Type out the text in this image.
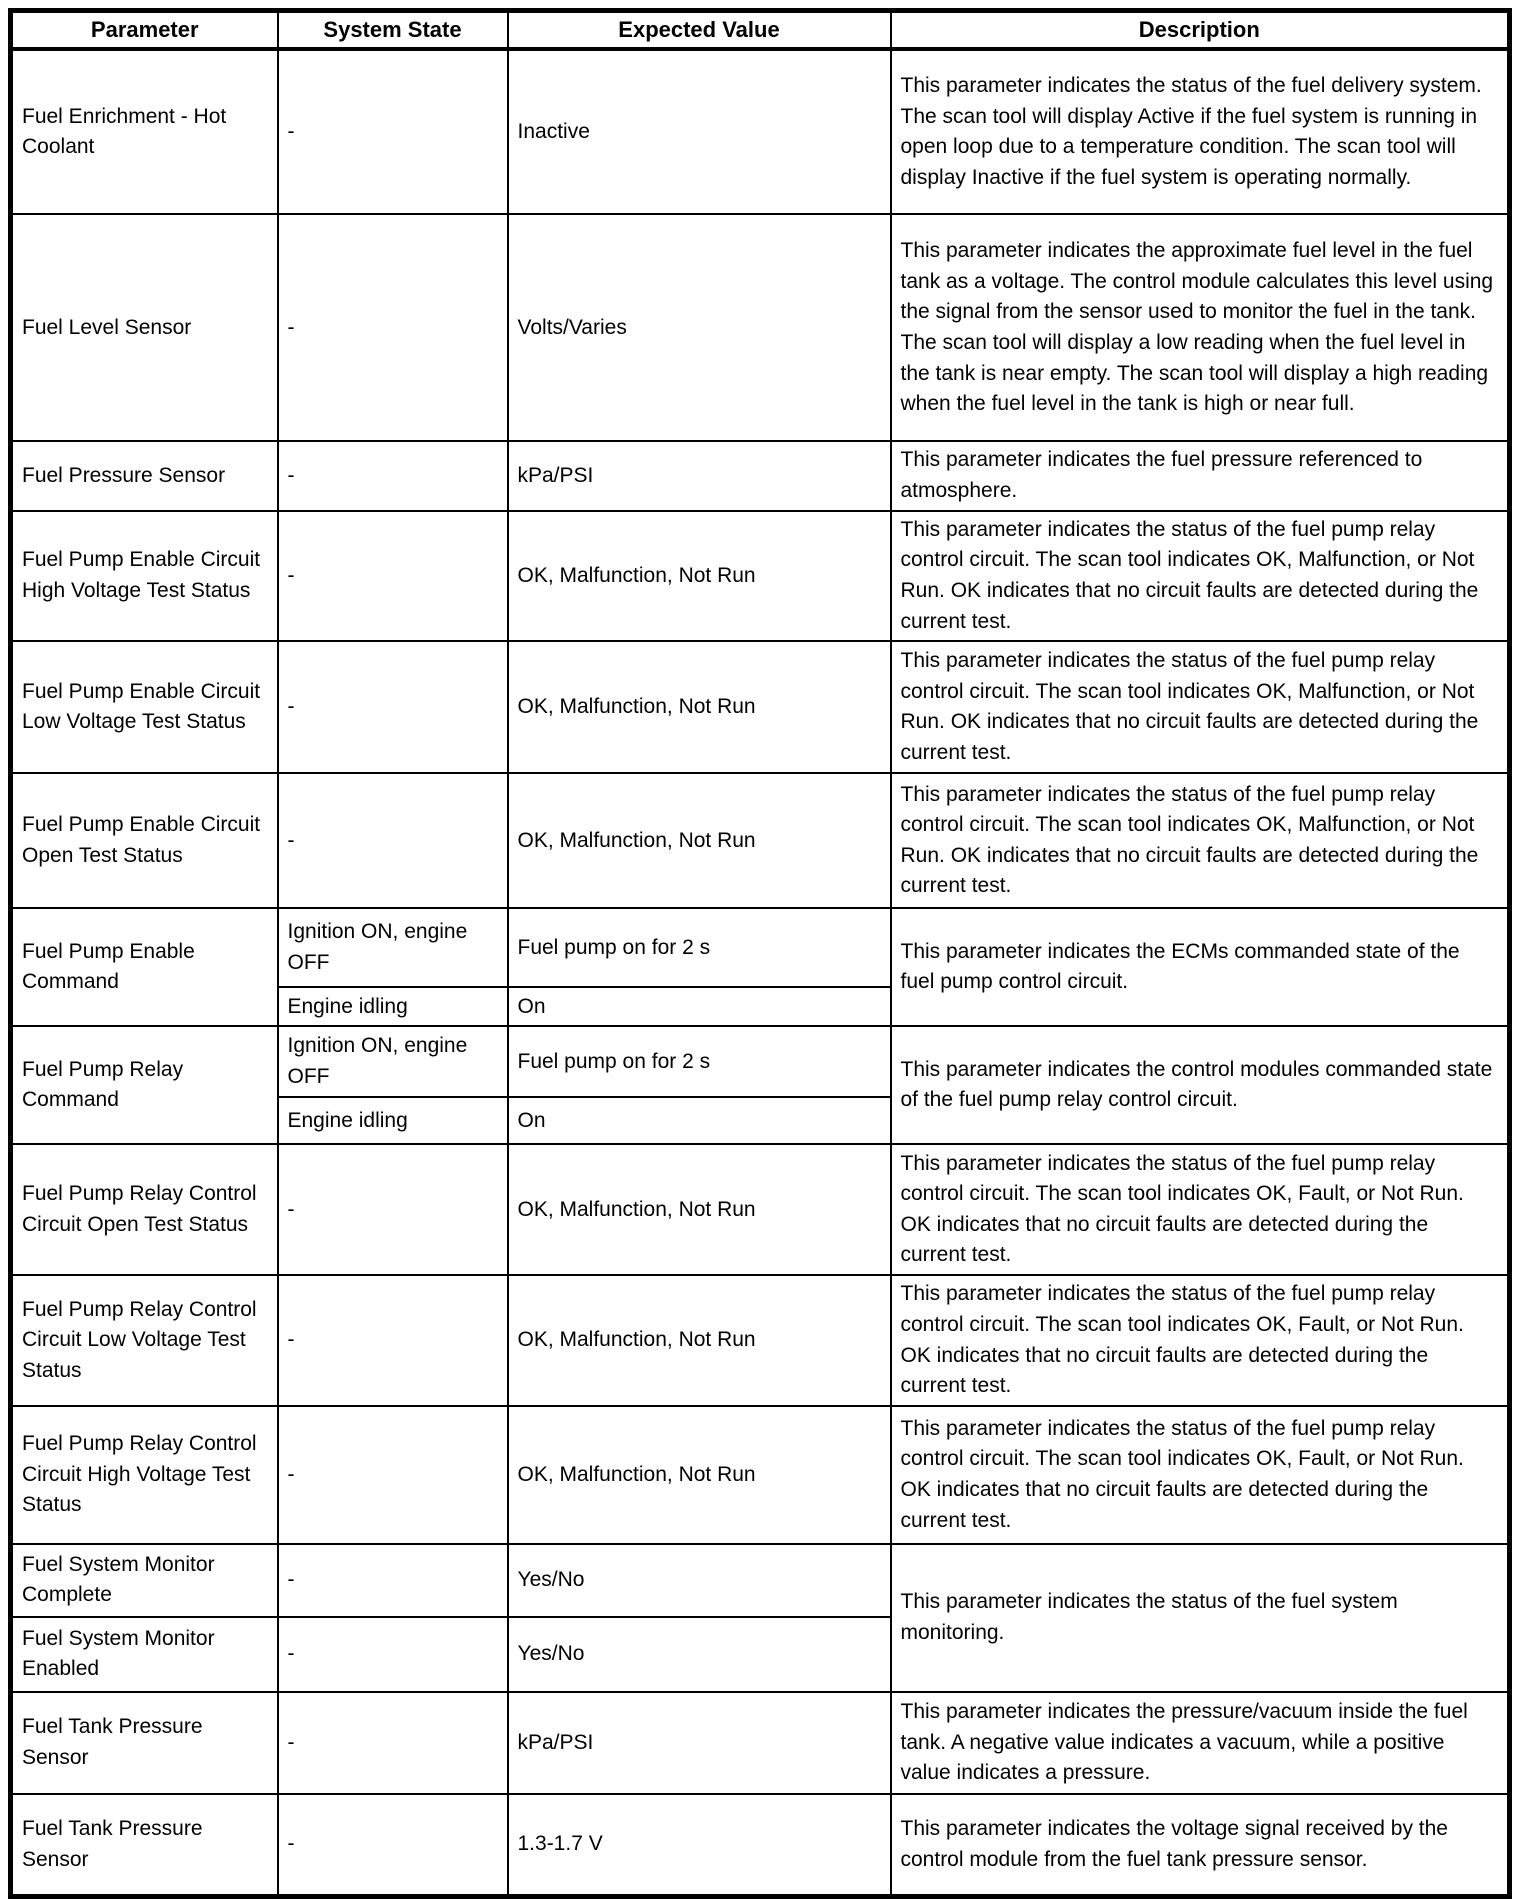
Parameter	System State	Expected Value	Description
Fuel Enrichment - Hot Coolant	-	Inactive	This parameter indicates the status of the fuel delivery system. The scan tool will display Active if the fuel system is running in open loop due to a temperature condition. The scan tool will display Inactive if the fuel system is operating normally.
Fuel Level Sensor	-	Volts/Varies	This parameter indicates the approximate fuel level in the fuel tank as a voltage. The control module calculates this level using the signal from the sensor used to monitor the fuel in the tank. The scan tool will display a low reading when the fuel level in the tank is near empty. The scan tool will display a high reading when the fuel level in the tank is high or near full.
Fuel Pressure Sensor	-	kPa/PSI	This parameter indicates the fuel pressure referenced to atmosphere.
Fuel Pump Enable Circuit High Voltage Test Status	-	OK, Malfunction, Not Run	This parameter indicates the status of the fuel pump relay control circuit. The scan tool indicates OK, Malfunction, or Not Run. OK indicates that no circuit faults are detected during the current test.
Fuel Pump Enable Circuit Low Voltage Test Status	-	OK, Malfunction, Not Run	This parameter indicates the status of the fuel pump relay control circuit. The scan tool indicates OK, Malfunction, or Not Run. OK indicates that no circuit faults are detected during the current test.
Fuel Pump Enable Circuit Open Test Status	-	OK, Malfunction, Not Run	This parameter indicates the status of the fuel pump relay control circuit. The scan tool indicates OK, Malfunction, or Not Run. OK indicates that no circuit faults are detected during the current test.
Fuel Pump Enable Command	Ignition ON, engine OFF	Fuel pump on for 2 s	This parameter indicates the ECMs commanded state of the fuel pump control circuit.
	Engine idling	On	
Fuel Pump Relay Command	Ignition ON, engine OFF	Fuel pump on for 2 s	This parameter indicates the control modules commanded state of the fuel pump relay control circuit.
	Engine idling	On	
Fuel Pump Relay Control Circuit Open Test Status	-	OK, Malfunction, Not Run	This parameter indicates the status of the fuel pump relay control circuit. The scan tool indicates OK, Fault, or Not Run. OK indicates that no circuit faults are detected during the current test.
Fuel Pump Relay Control Circuit Low Voltage Test Status	-	OK, Malfunction, Not Run	This parameter indicates the status of the fuel pump relay control circuit. The scan tool indicates OK, Fault, or Not Run. OK indicates that no circuit faults are detected during the current test.
Fuel Pump Relay Control Circuit High Voltage Test Status	-	OK, Malfunction, Not Run	This parameter indicates the status of the fuel pump relay control circuit. The scan tool indicates OK, Fault, or Not Run. OK indicates that no circuit faults are detected during the current test.
Fuel System Monitor Complete	-	Yes/No	This parameter indicates the status of the fuel system monitoring.
Fuel System Monitor Enabled	-	Yes/No	
Fuel Tank Pressure Sensor	-	kPa/PSI	This parameter indicates the pressure/vacuum inside the fuel tank. A negative value indicates a vacuum, while a positive value indicates a pressure.
Fuel Tank Pressure Sensor	-	1.3-1.7 V	This parameter indicates the voltage signal received by the control module from the fuel tank pressure sensor.
